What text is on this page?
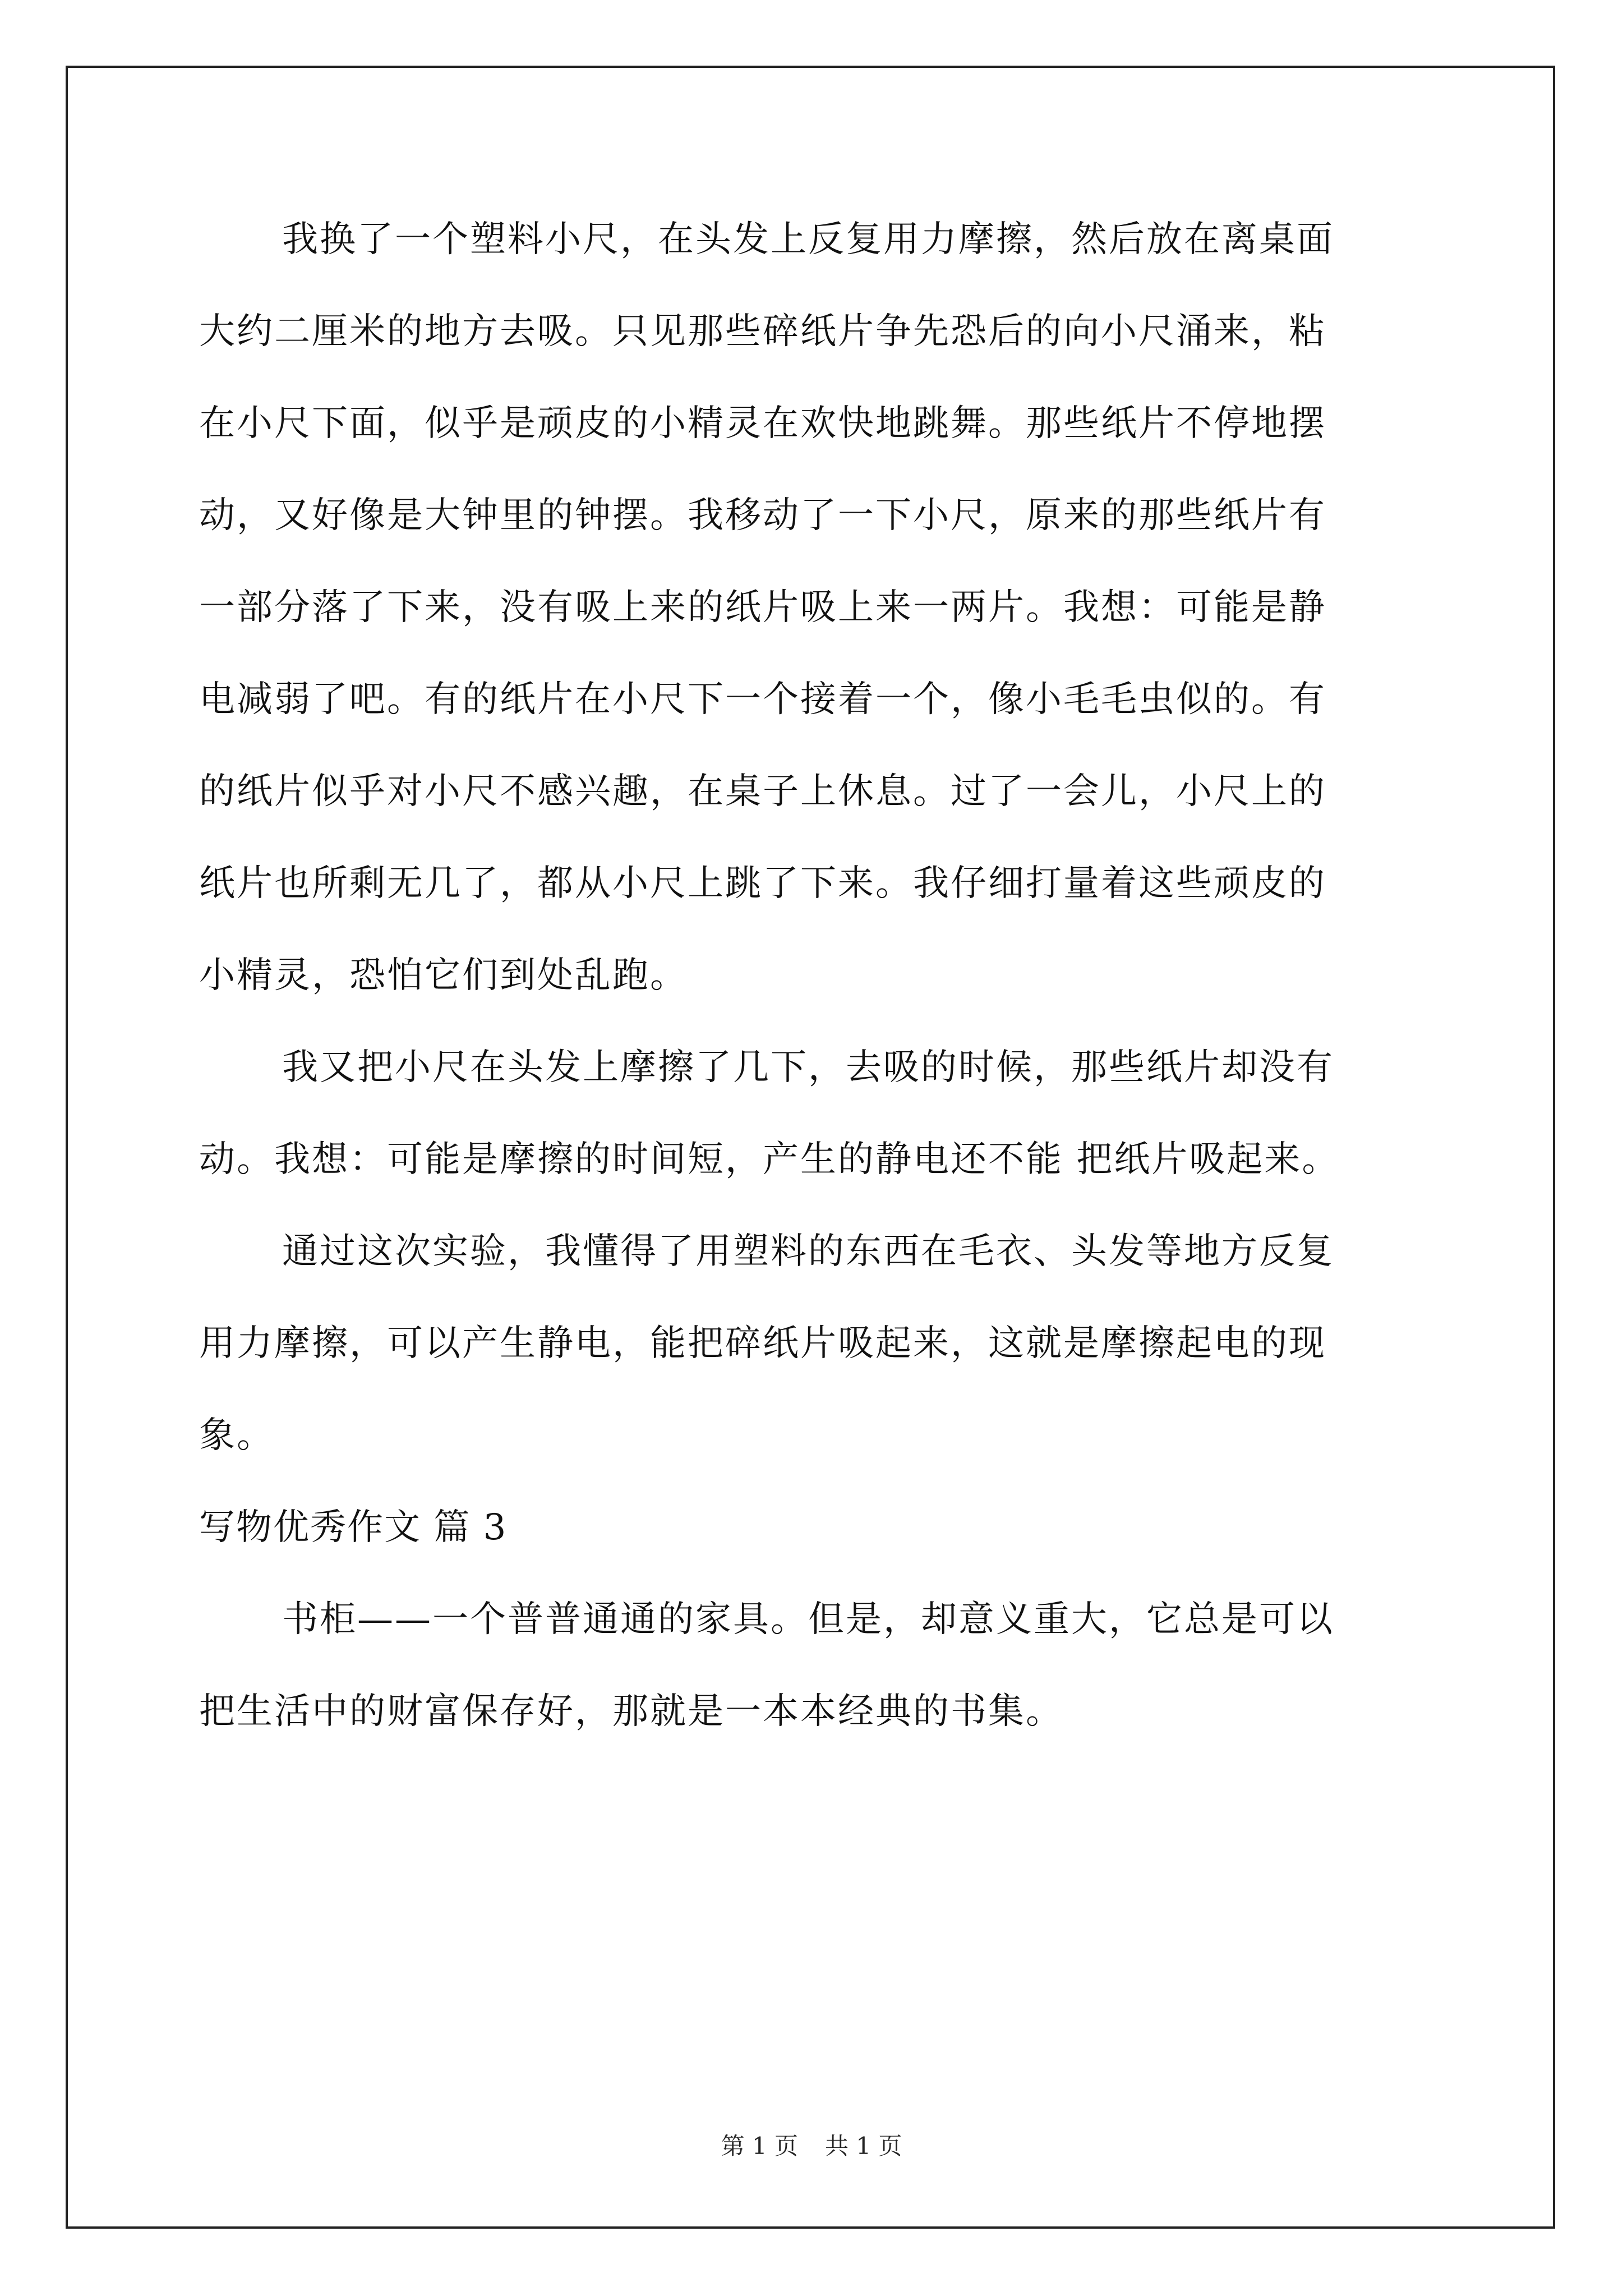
我换了一个塑料小尺，在头发上反复用力摩擦，然后放在离桌面
大约二厘米的地方去吸。只见那些碎纸片争先恐后的向小尺涌来，粘
在小尺下面，似乎是顽皮的小精灵在欢快地跳舞。那些纸片不停地摆
动，又好像是大钟里的钟摆。我移动了一下小尺，原来的那些纸片有
一部分落了下来，没有吸上来的纸片吸上来一两片。我想：可能是静
电减弱了吧。有的纸片在小尺下一个接着一个，像小毛毛虫似的。有
的纸片似乎对小尺不感兴趣，在桌子上休息。过了一会儿，小尺上的
纸片也所剩无几了，都从小尺上跳了下来。我仔细打量着这些顽皮的
小精灵，恐怕它们到处乱跑。
我又把小尺在头发上摩擦了几下，去吸的时候，那些纸片却没有
动。我想：可能是摩擦的时间短，产生的静电还不能 把纸片吸起来。
通过这次实验，我懂得了用塑料的东西在毛衣、头发等地方反复
用力摩擦，可以产生静电，能把碎纸片吸起来，这就是摩擦起电的现
象。
写物优秀作文 篇 3
书柜——一个普普通通的家具。但是，却意义重大，它总是可以
把生活中的财富保存好，那就是一本本经典的书集。
第 1 页 共 1 页
